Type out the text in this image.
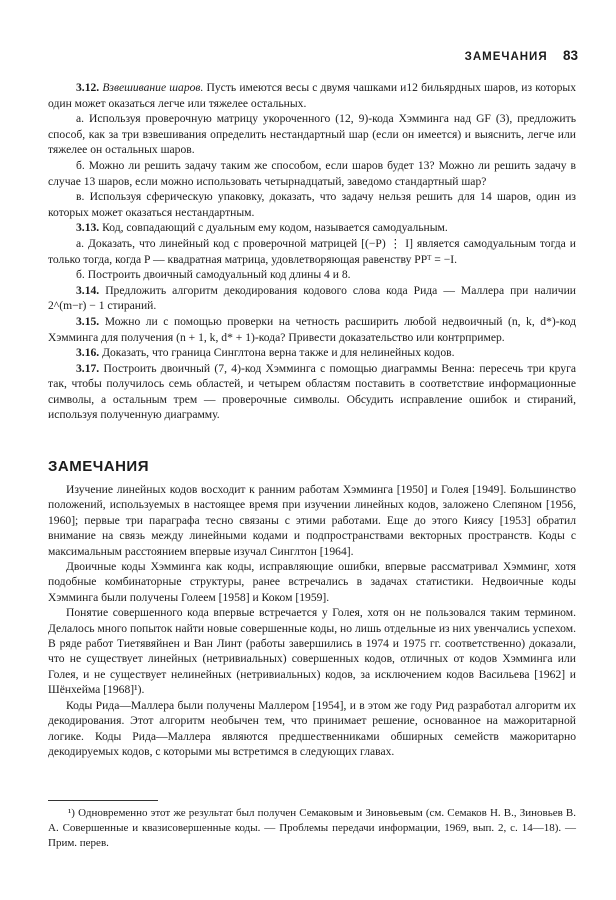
ЗАМЕЧАНИЯ 83

3.12. Взвешивание шаров. Пусть имеются весы с двумя чашками и12 бильярдных шаров, из которых один может оказаться легче или тяжелее остальных.

а. Используя проверочную матрицу укороченного (12, 9)-кода Хэмминга над GF (3), предложить способ, как за три взвешивания определить нестандартный шар (если он имеется) и выяснить, легче или тяжелее он остальных шаров.

б. Можно ли решить задачу таким же способом, если шаров будет 13? Можно ли решить задачу в случае 13 шаров, если можно использовать четырнадцатый, заведомо стандартный шар?

в. Используя сферическую упаковку, доказать, что задачу нельзя решить для 14 шаров, один из которых может оказаться нестандартным.

3.13. Код, совпадающий с дуальным ему кодом, называется самодуальным.

а. Доказать, что линейный код с проверочной матрицей [(−P) ⋮ I] является самодуальным тогда и только тогда, когда P — квадратная матрица, удовлетворяющая равенству PPᵀ = −I.

б. Построить двоичный самодуальный код длины 4 и 8.

3.14. Предложить алгоритм декодирования кодового слова кода Рида — Маллера при наличии 2^(m−r) − 1 стираний.

3.15. Можно ли с помощью проверки на четность расширить любой недвоичный (n, k, d*)-код Хэмминга для получения (n + 1, k, d* + 1)-кода? Привести доказательство или контрпример.

3.16. Доказать, что граница Синглтона верна также и для нелинейных кодов.

3.17. Построить двоичный (7, 4)-код Хэмминга с помощью диаграммы Венна: пересечь три круга так, чтобы получилось семь областей, и четырем областям поставить в соответствие информационные символы, а остальным трем — проверочные символы. Обсудить исправление ошибок и стираний, используя полученную диаграмму.

ЗАМЕЧАНИЯ

Изучение линейных кодов восходит к ранним работам Хэмминга [1950] и Голея [1949]. Большинство положений, используемых в настоящее время при изучении линейных кодов, заложено Слепяном [1956, 1960]; первые три параграфа тесно связаны с этими работами. Еще до этого Киясу [1953] обратил внимание на связь между линейными кодами и подпространствами векторных пространств. Коды с максимальным расстоянием впервые изучал Синглтон [1964].

Двоичные коды Хэмминга как коды, исправляющие ошибки, впервые рассматривал Хэмминг, хотя подобные комбинаторные структуры, ранее встречались в задачах статистики. Недвоичные коды Хэмминга были получены Голеем [1958] и Коком [1959].

Понятие совершенного кода впервые встречается у Голея, хотя он не пользовался таким термином. Делалось много попыток найти новые совершенные коды, но лишь отдельные из них увенчались успехом. В ряде работ Тиетявяйнен и Ван Линт (работы завершились в 1974 и 1975 гг. соответственно) доказали, что не существует линейных (нетривиальных) совершенных кодов, отличных от кодов Хэмминга или Голея, и не существует нелинейных (нетривиальных) кодов, за исключением кодов Васильева [1962] и Шёнхейма [1968]¹).

Коды Рида—Маллера были получены Маллером [1954], и в этом же году Рид разработал алгоритм их декодирования. Этот алгоритм необычен тем, что принимает решение, основанное на мажоритарной логике. Коды Рида—Маллера являются предшественниками обширных семейств мажоритарно декодируемых кодов, с которыми мы встретимся в следующих главах.

¹) Одновременно этот же результат был получен Семаковым и Зиновьевым (см. Семаков Н. В., Зиновьев В. А. Совершенные и квазисовершенные коды. — Проблемы передачи информации, 1969, вып. 2, с. 14—18). — Прим. перев.
